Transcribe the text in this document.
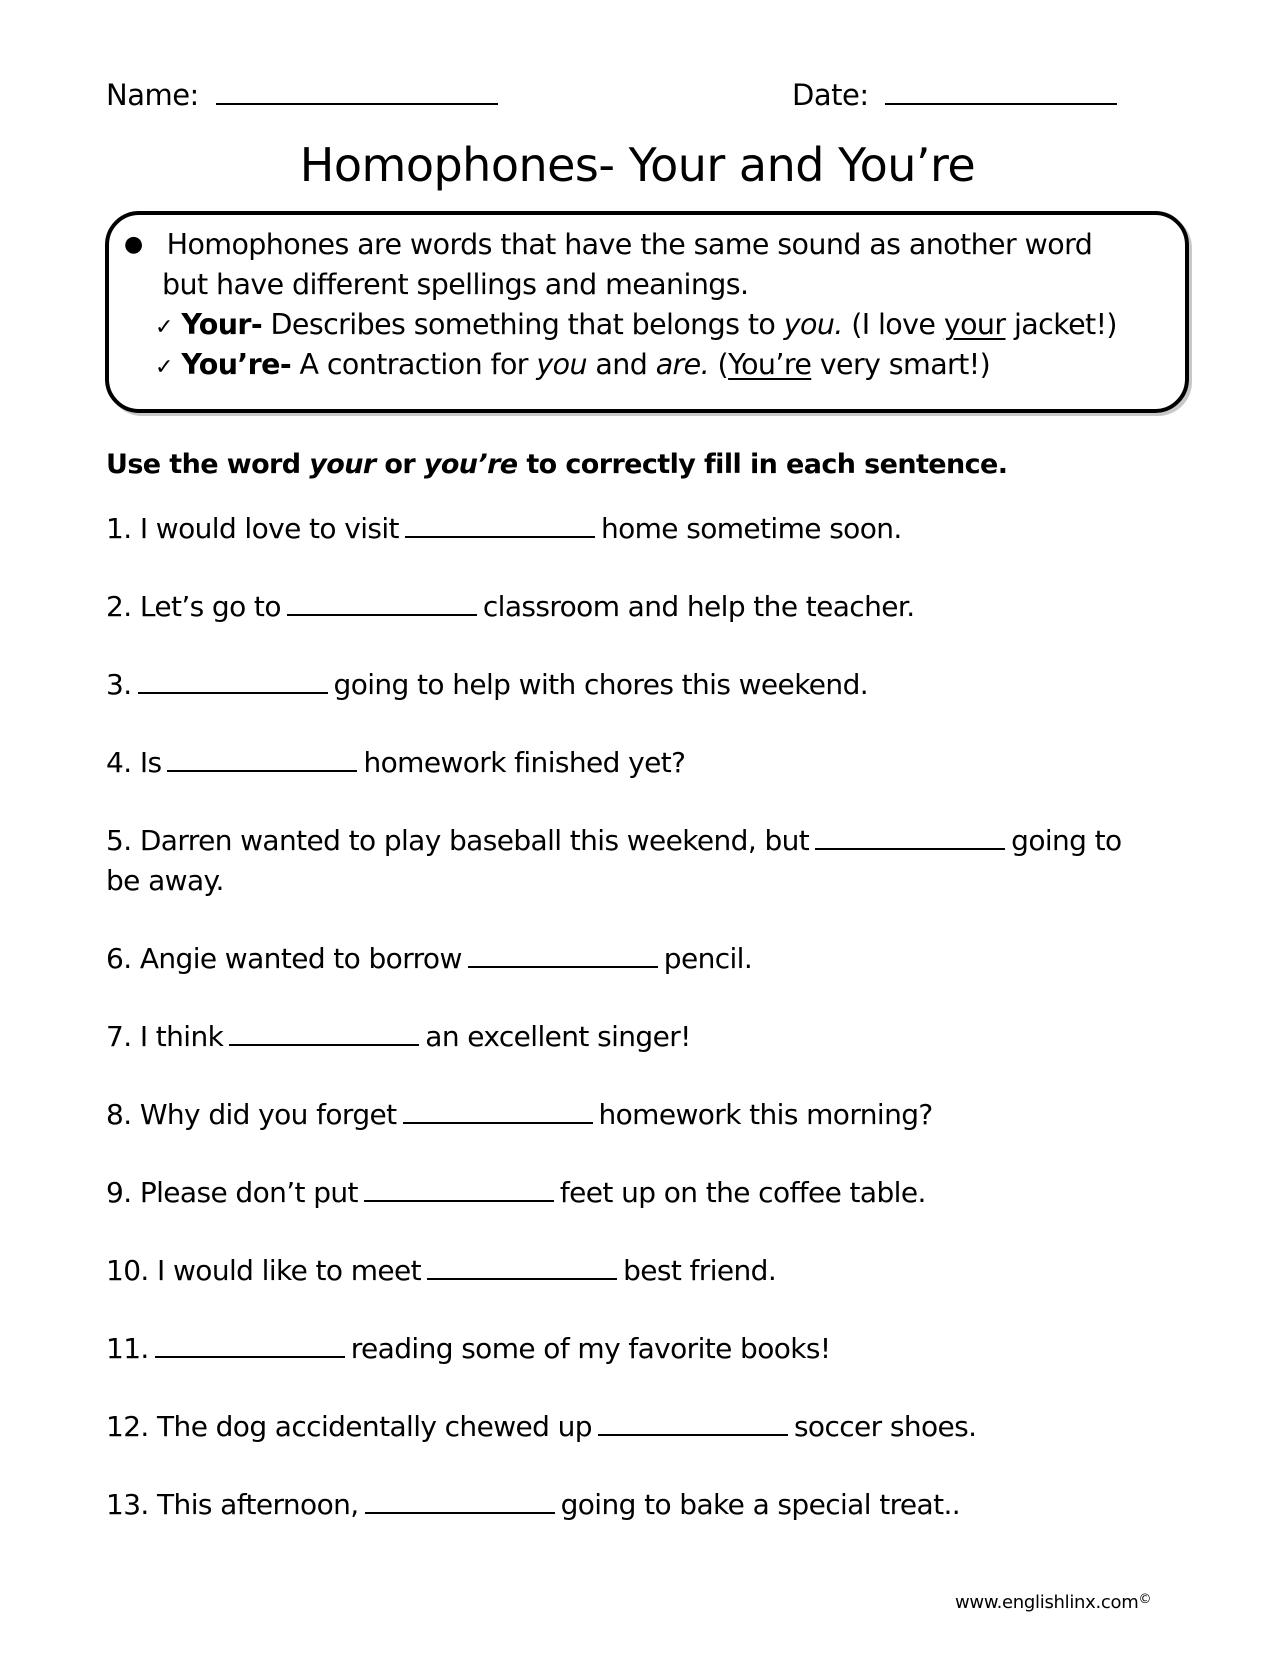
Name:	Date:
Homophones- Your and You’re
● Homophones are words that have the same sound as another word
but have different spellings and meanings.
✓ Your- Describes something that belongs to you. (I love your jacket!)
✓ You’re- A contraction for you and are. (You’re very smart!)
Use the word your or you’re to correctly fill in each sentence.
1. I would love to visit	home sometime soon.
2. Let’s go to	classroom and help the teacher.
3.	going to help with chores this weekend.
4. Is	homework finished yet?
5. Darren wanted to play baseball this weekend, but	going to
be away.
6. Angie wanted to borrow	pencil.
7. I think	an excellent singer!
8. Why did you forget	homework this morning?
9. Please don’t put	feet up on the coffee table.
10. I would like to meet	best friend.
11.	reading some of my favorite books!
12. The dog accidentally chewed up	soccer shoes.
13. This afternoon,	going to bake a special treat..
www.englishlinx.com©
